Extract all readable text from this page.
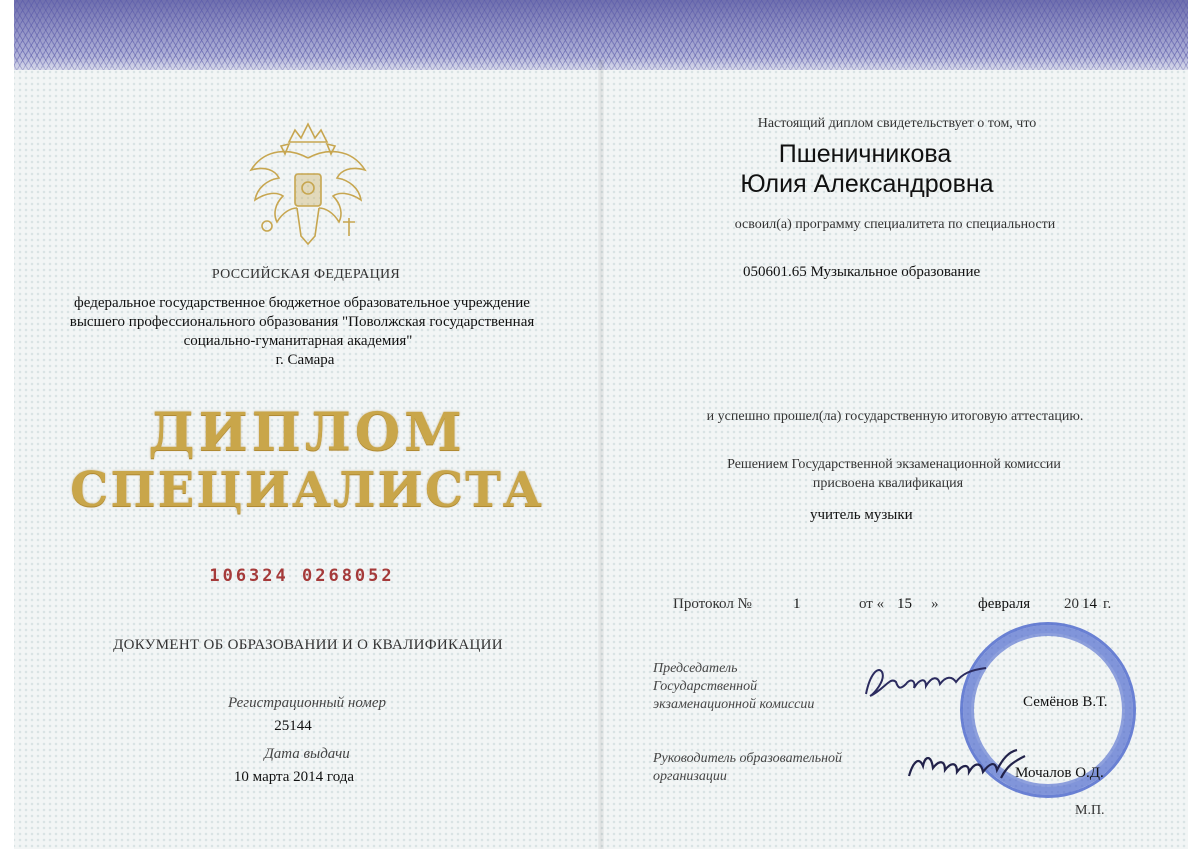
РОССИЙСКАЯ ФЕДЕРАЦИЯ
федеральное государственное бюджетное образовательное учреждение
высшего профессионального образования "Поволжская государственная
социально-гуманитарная академия"
г. Самара
ДИПЛОМ
СПЕЦИАЛИСТА
106324 0268052
ДОКУМЕНТ ОБ ОБРАЗОВАНИИ И О КВАЛИФИКАЦИИ
Регистрационный номер
25144
Дата выдачи
10 марта 2014 года
Настоящий диплом свидетельствует о том, что
Пшеничникова
Юлия Александровна
освоил(а) программу специалитета по специальности
050601.65 Музыкальное образование
и успешно прошел(ла) государственную итоговую аттестацию.
Решением Государственной экзаменационной комиссии
присвоена квалификация
учитель музыки
Протокол №	1	от « 15 »	февраля 20 14 г.
Председатель
Государственной
экзаменационной комиссии	Семёнов В.Т.
Руководитель образовательной
организации	Мочалов О.Д.
М.П.
